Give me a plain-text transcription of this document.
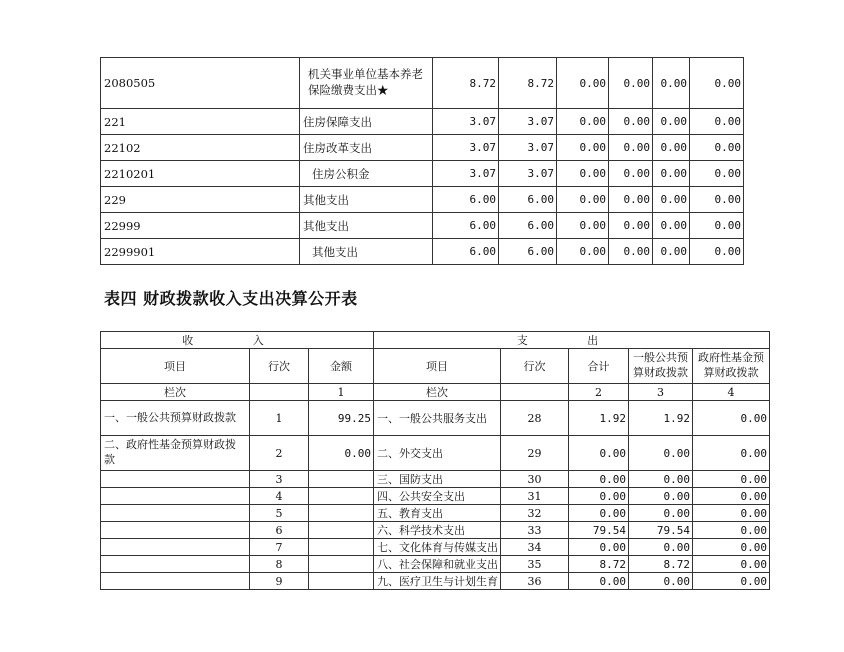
2080505	机关事业单位基本养老保险缴费支出★	8.72	8.72	0.00	0.00	0.00	0.00
221	住房保障支出	3.07	3.07	0.00	0.00	0.00	0.00
22102	住房改革支出	3.07	3.07	0.00	0.00	0.00	0.00
2210201	住房公积金	3.07	3.07	0.00	0.00	0.00	0.00
229	其他支出	6.00	6.00	0.00	0.00	0.00	0.00
22999	其他支出	6.00	6.00	0.00	0.00	0.00	0.00
2299901	其他支出	6.00	6.00	0.00	0.00	0.00	0.00
表四 财政拨款收入支出决算公开表
收 入			支 出				
项目	行次	金额	项目	行次	合计	一般公共预算财政拨款	政府性基金预算财政拨款
栏次		1	栏次		2	3	4
一、一般公共预算财政拨款	1	99.25	一、一般公共服务支出	28	1.92	1.92	0.00
二、政府性基金预算财政拨款	2	0.00	二、外交支出	29	0.00	0.00	0.00
	3		三、国防支出	30	0.00	0.00	0.00
	4		四、公共安全支出	31	0.00	0.00	0.00
	5		五、教育支出	32	0.00	0.00	0.00
	6		六、科学技术支出	33	79.54	79.54	0.00
	7		七、文化体育与传媒支出	34	0.00	0.00	0.00
	8		八、社会保障和就业支出	35	8.72	8.72	0.00
	9		九、医疗卫生与计划生育	36	0.00	0.00	0.00
